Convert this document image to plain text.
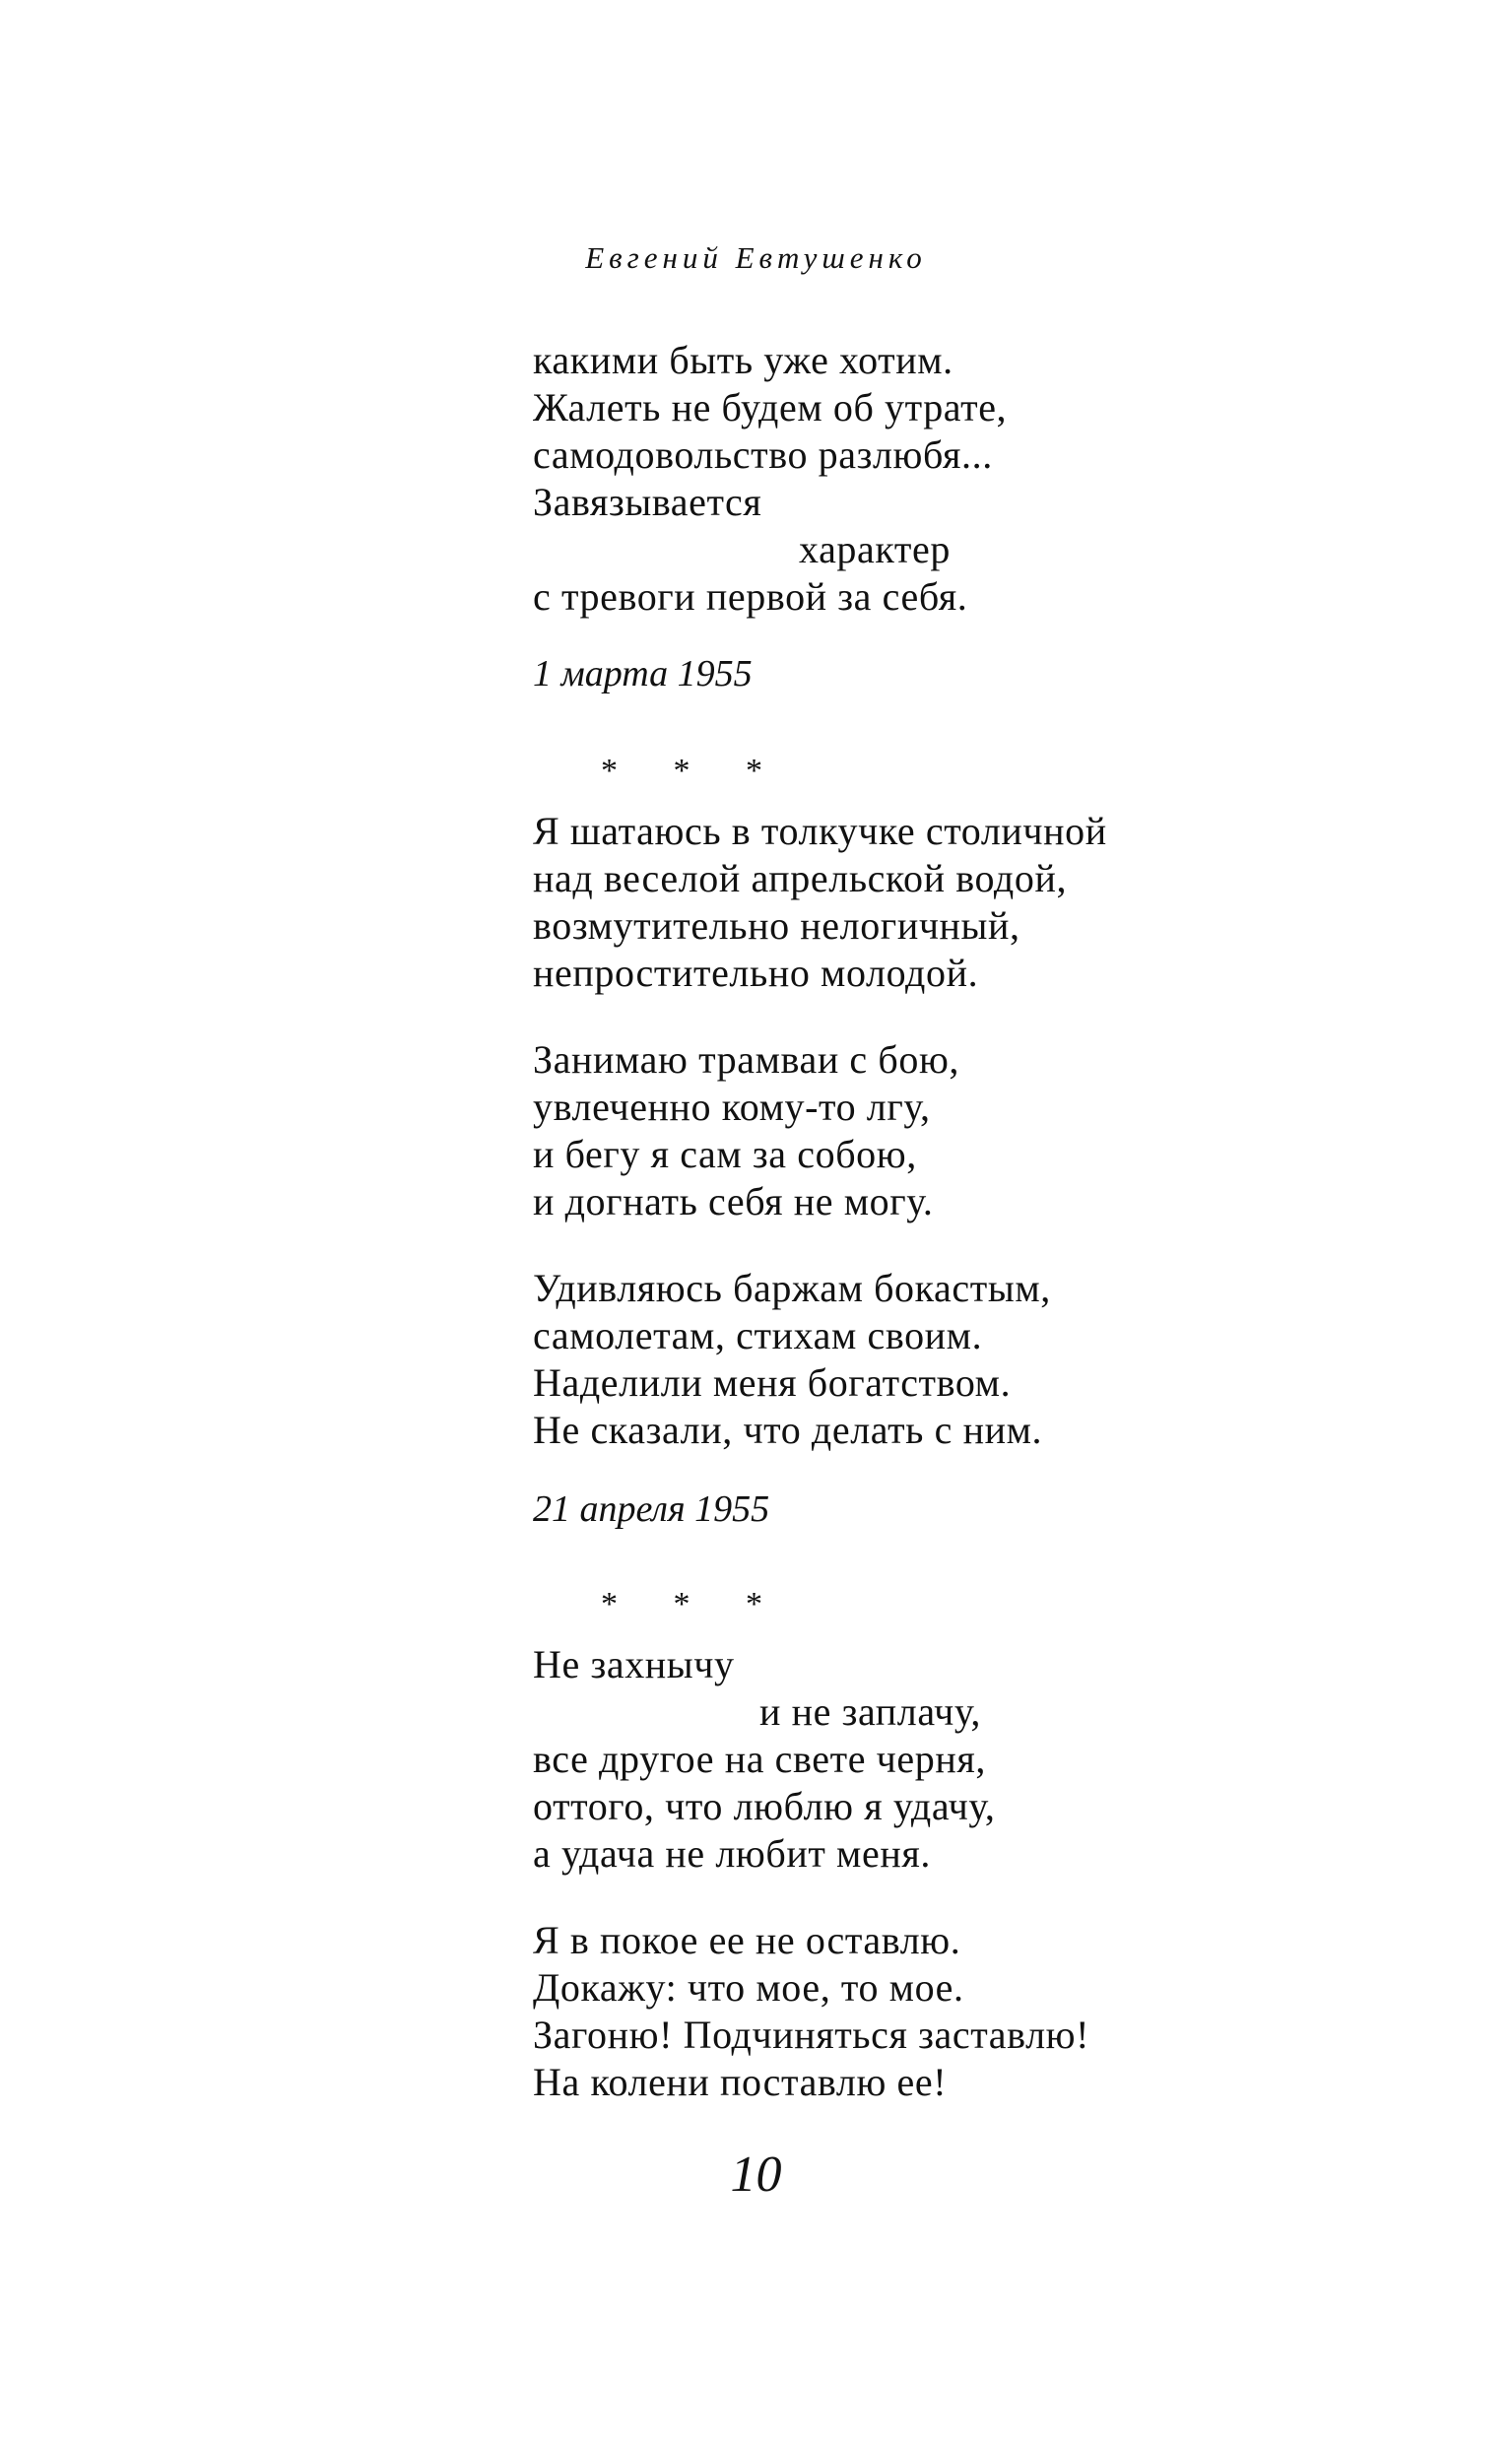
Евгений Евтушенко
какими быть уже хотим.
Жалеть не будем об утрате,
самодовольство разлюбя...
Завязывается
характер
с тревоги первой за себя.
1 марта 1955
* * *
Я шатаюсь в толкучке столичной
над веселой апрельской водой,
возмутительно нелогичный,
непростительно молодой.
Занимаю трамваи с бою,
увлеченно кому-то лгу,
и бегу я сам за собою,
и догнать себя не могу.
Удивляюсь баржам бокастым,
самолетам, стихам своим.
Наделили меня богатством.
Не сказали, что делать с ним.
21 апреля 1955
* * *
Не захнычу
и не заплачу,
все другое на свете черня,
оттого, что люблю я удачу,
а удача не любит меня.
Я в покое ее не оставлю.
Докажу: что мое, то мое.
Загоню! Подчиняться заставлю!
На колени поставлю ее!
10
